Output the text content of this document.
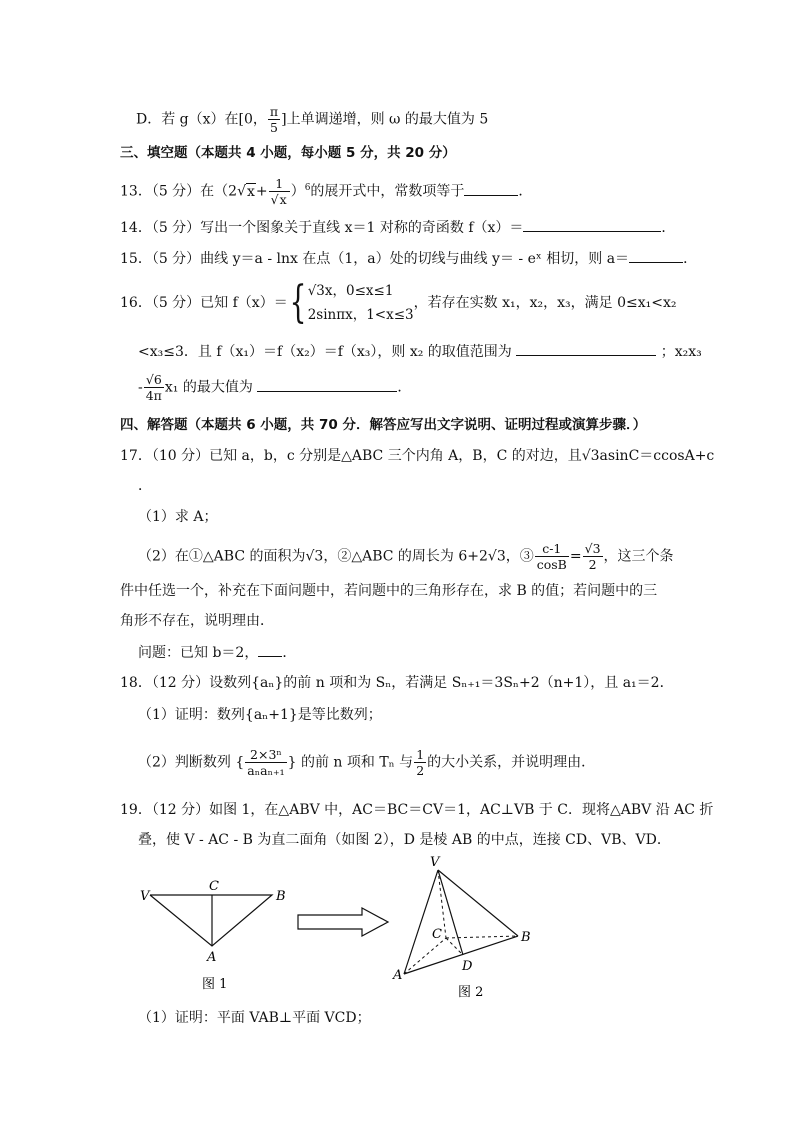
D．若 g（x）在[0， $\frac{\pi}{5}$ ]上单调递增，则 ω 的最大值为 5
三、填空题（本题共 4 小题，每小题 5 分，共 20 分）
13．（5 分）在$(2√x+ \frac{1}{√x} )^6$的展开式中，常数项等于	．
14．（5 分）写出一个图象关于直线 x＝1 对称的奇函数 f（x）＝	．
15．（5 分）曲线 y＝a - lnx 在点（1，a）处的切线与曲线 y＝ - eˣ 相切，则 a＝	．
16．（5 分）已知 f（x）＝{ √3x，0≤x≤1
2sinπx，1<x≤3
，若存在实数 x₁，x₂，x₃，满足 0≤x₁<x₂
<x₃≤3．且 f（x₁）＝f（x₂）＝f（x₃），则 x₂ 的取值范围为	；x₂x₃
- $\frac{√6}{4\pi} x_1$ 的最大值为	．
四、解答题（本题共 6 小题，共 70 分．解答应写出文字说明、证明过程或演算步骤．）
17．（10 分）已知 a，b，c 分别是△ABC 三个内角 A，B，C 的对边，且√3asinC＝ccosA+c
．
（1）求 A；
（2）在①△ABC 的面积为√3，②△ABC 的周长为 6+2√3，③ $\frac{c-1}{\cos B} = \frac{√3}{2}$ ，这三个条
件中任选一个，补充在下面问题中，若问题中的三角形存在，求 B 的值；若问题中的三
角形不存在，说明理由．
问题：已知 b＝2， ．
18．（12 分）设数列{aₙ}的前 n 项和为 Sₙ，若满足 Sₙ₊₁＝3Sₙ+2（n+1），且 a₁＝2．
（1）证明：数列{aₙ+1}是等比数列；
（2）判断数列 { $\frac{\text{2×3ⁿ}}{\text{aₙaₙ₊₁}}$ } 的前 n 项和 Tₙ 与 $\frac{1}{2}$ 的大小关系，并说明理由．
19．（12 分）如图 1，在△ABV 中，AC＝BC＝CV＝1，AC⊥VB 于 C．现将△ABV 沿 AC 折
叠，使 V - AC - B 为直二面角（如图 2），D 是棱 AB 的中点，连接 CD、VB、VD．
V
C
B
A
图 1
V
C	B
A
D
图 2
（1）证明：平面 VAB⊥平面 VCD；
